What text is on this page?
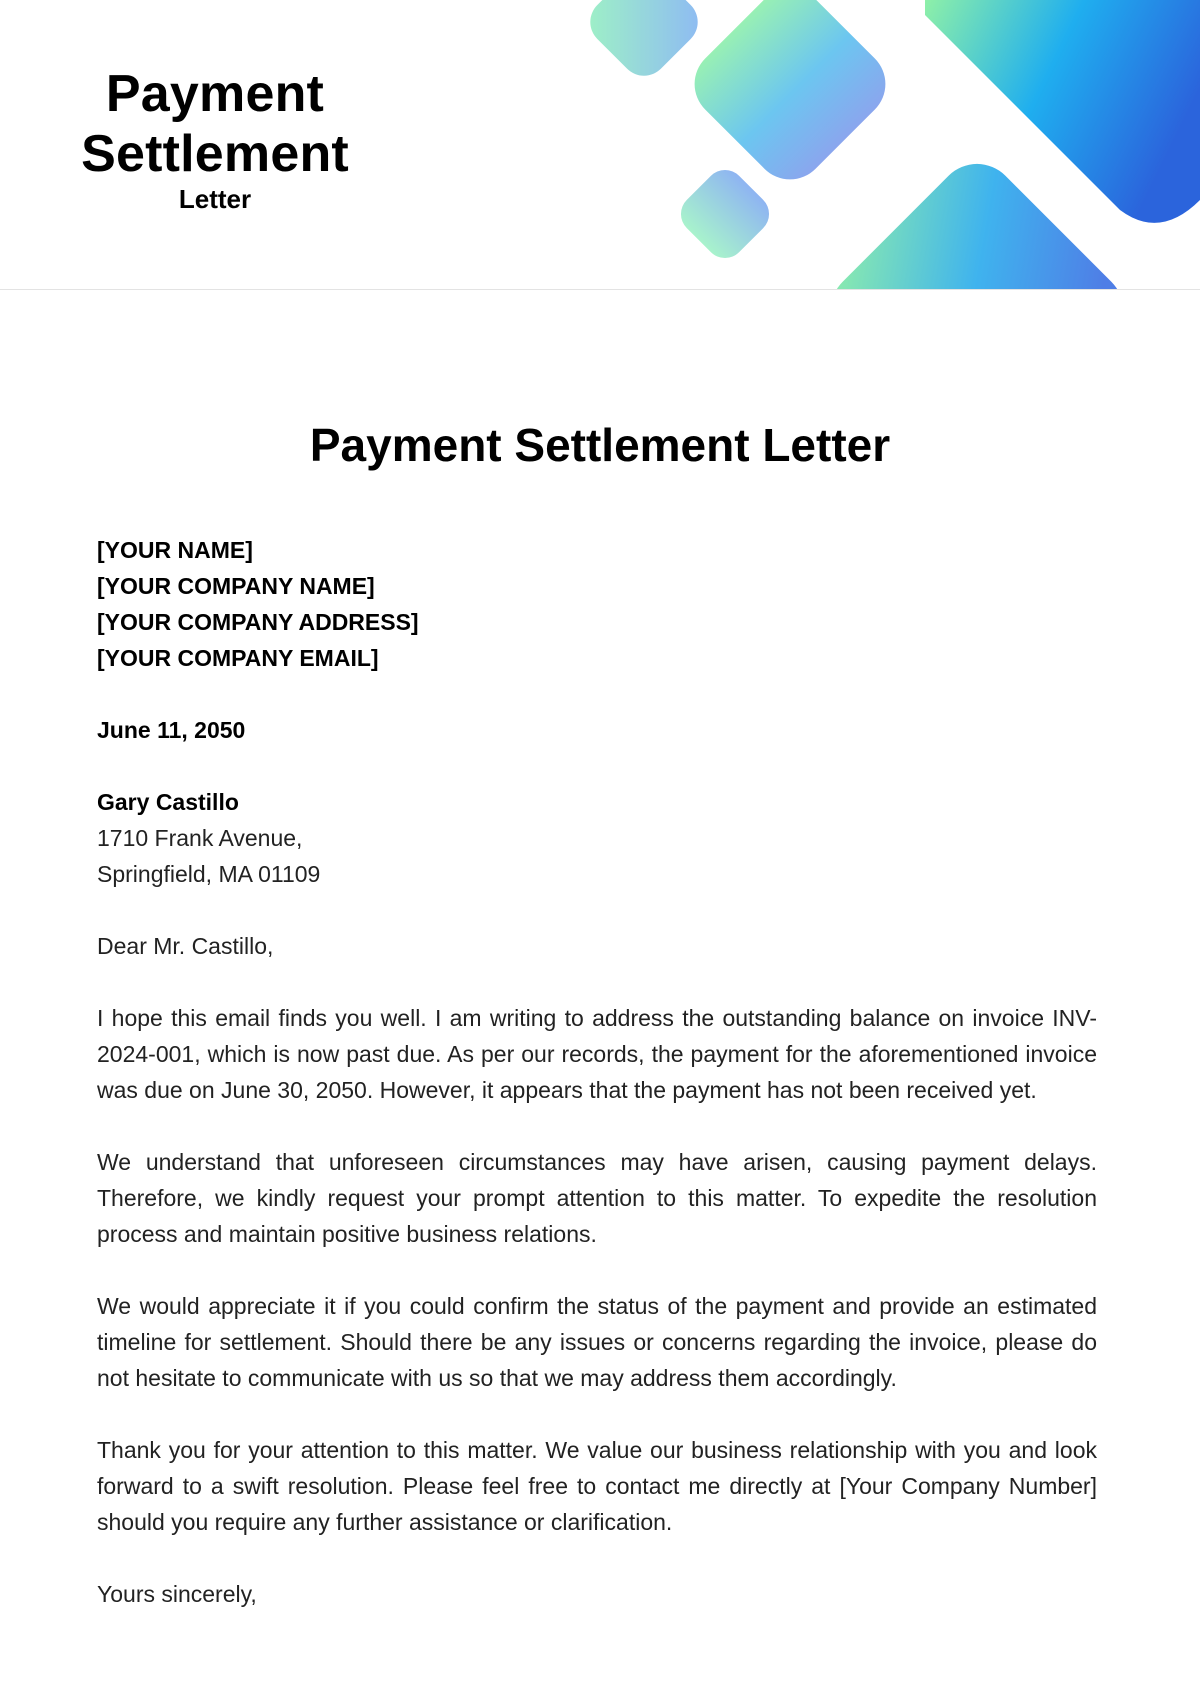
Payment
Settlement
Letter
Payment Settlement Letter

[YOUR NAME]

[YOUR COMPANY NAME]

[YOUR COMPANY ADDRESS]

[YOUR COMPANY EMAIL]

June 11, 2050

Gary Castillo

1710 Frank Avenue,

Springfield, MA 01109

Dear Mr. Castillo,

I hope this email finds you well. I am writing to address the outstanding balance on invoice INV-2024-001, which is now past due. As per our records, the payment for the aforementioned invoice was due on June 30, 2050. However, it appears that the payment has not been received yet.

We understand that unforeseen circumstances may have arisen, causing payment delays. Therefore, we kindly request your prompt attention to this matter. To expedite the resolution process and maintain positive business relations.

We would appreciate it if you could confirm the status of the payment and provide an estimated timeline for settlement. Should there be any issues or concerns regarding the invoice, please do not hesitate to communicate with us so that we may address them accordingly.

Thank you for your attention to this matter. We value our business relationship with you and look forward to a swift resolution. Please feel free to contact me directly at [Your Company Number] should you require any further assistance or clarification.

Yours sincerely,
